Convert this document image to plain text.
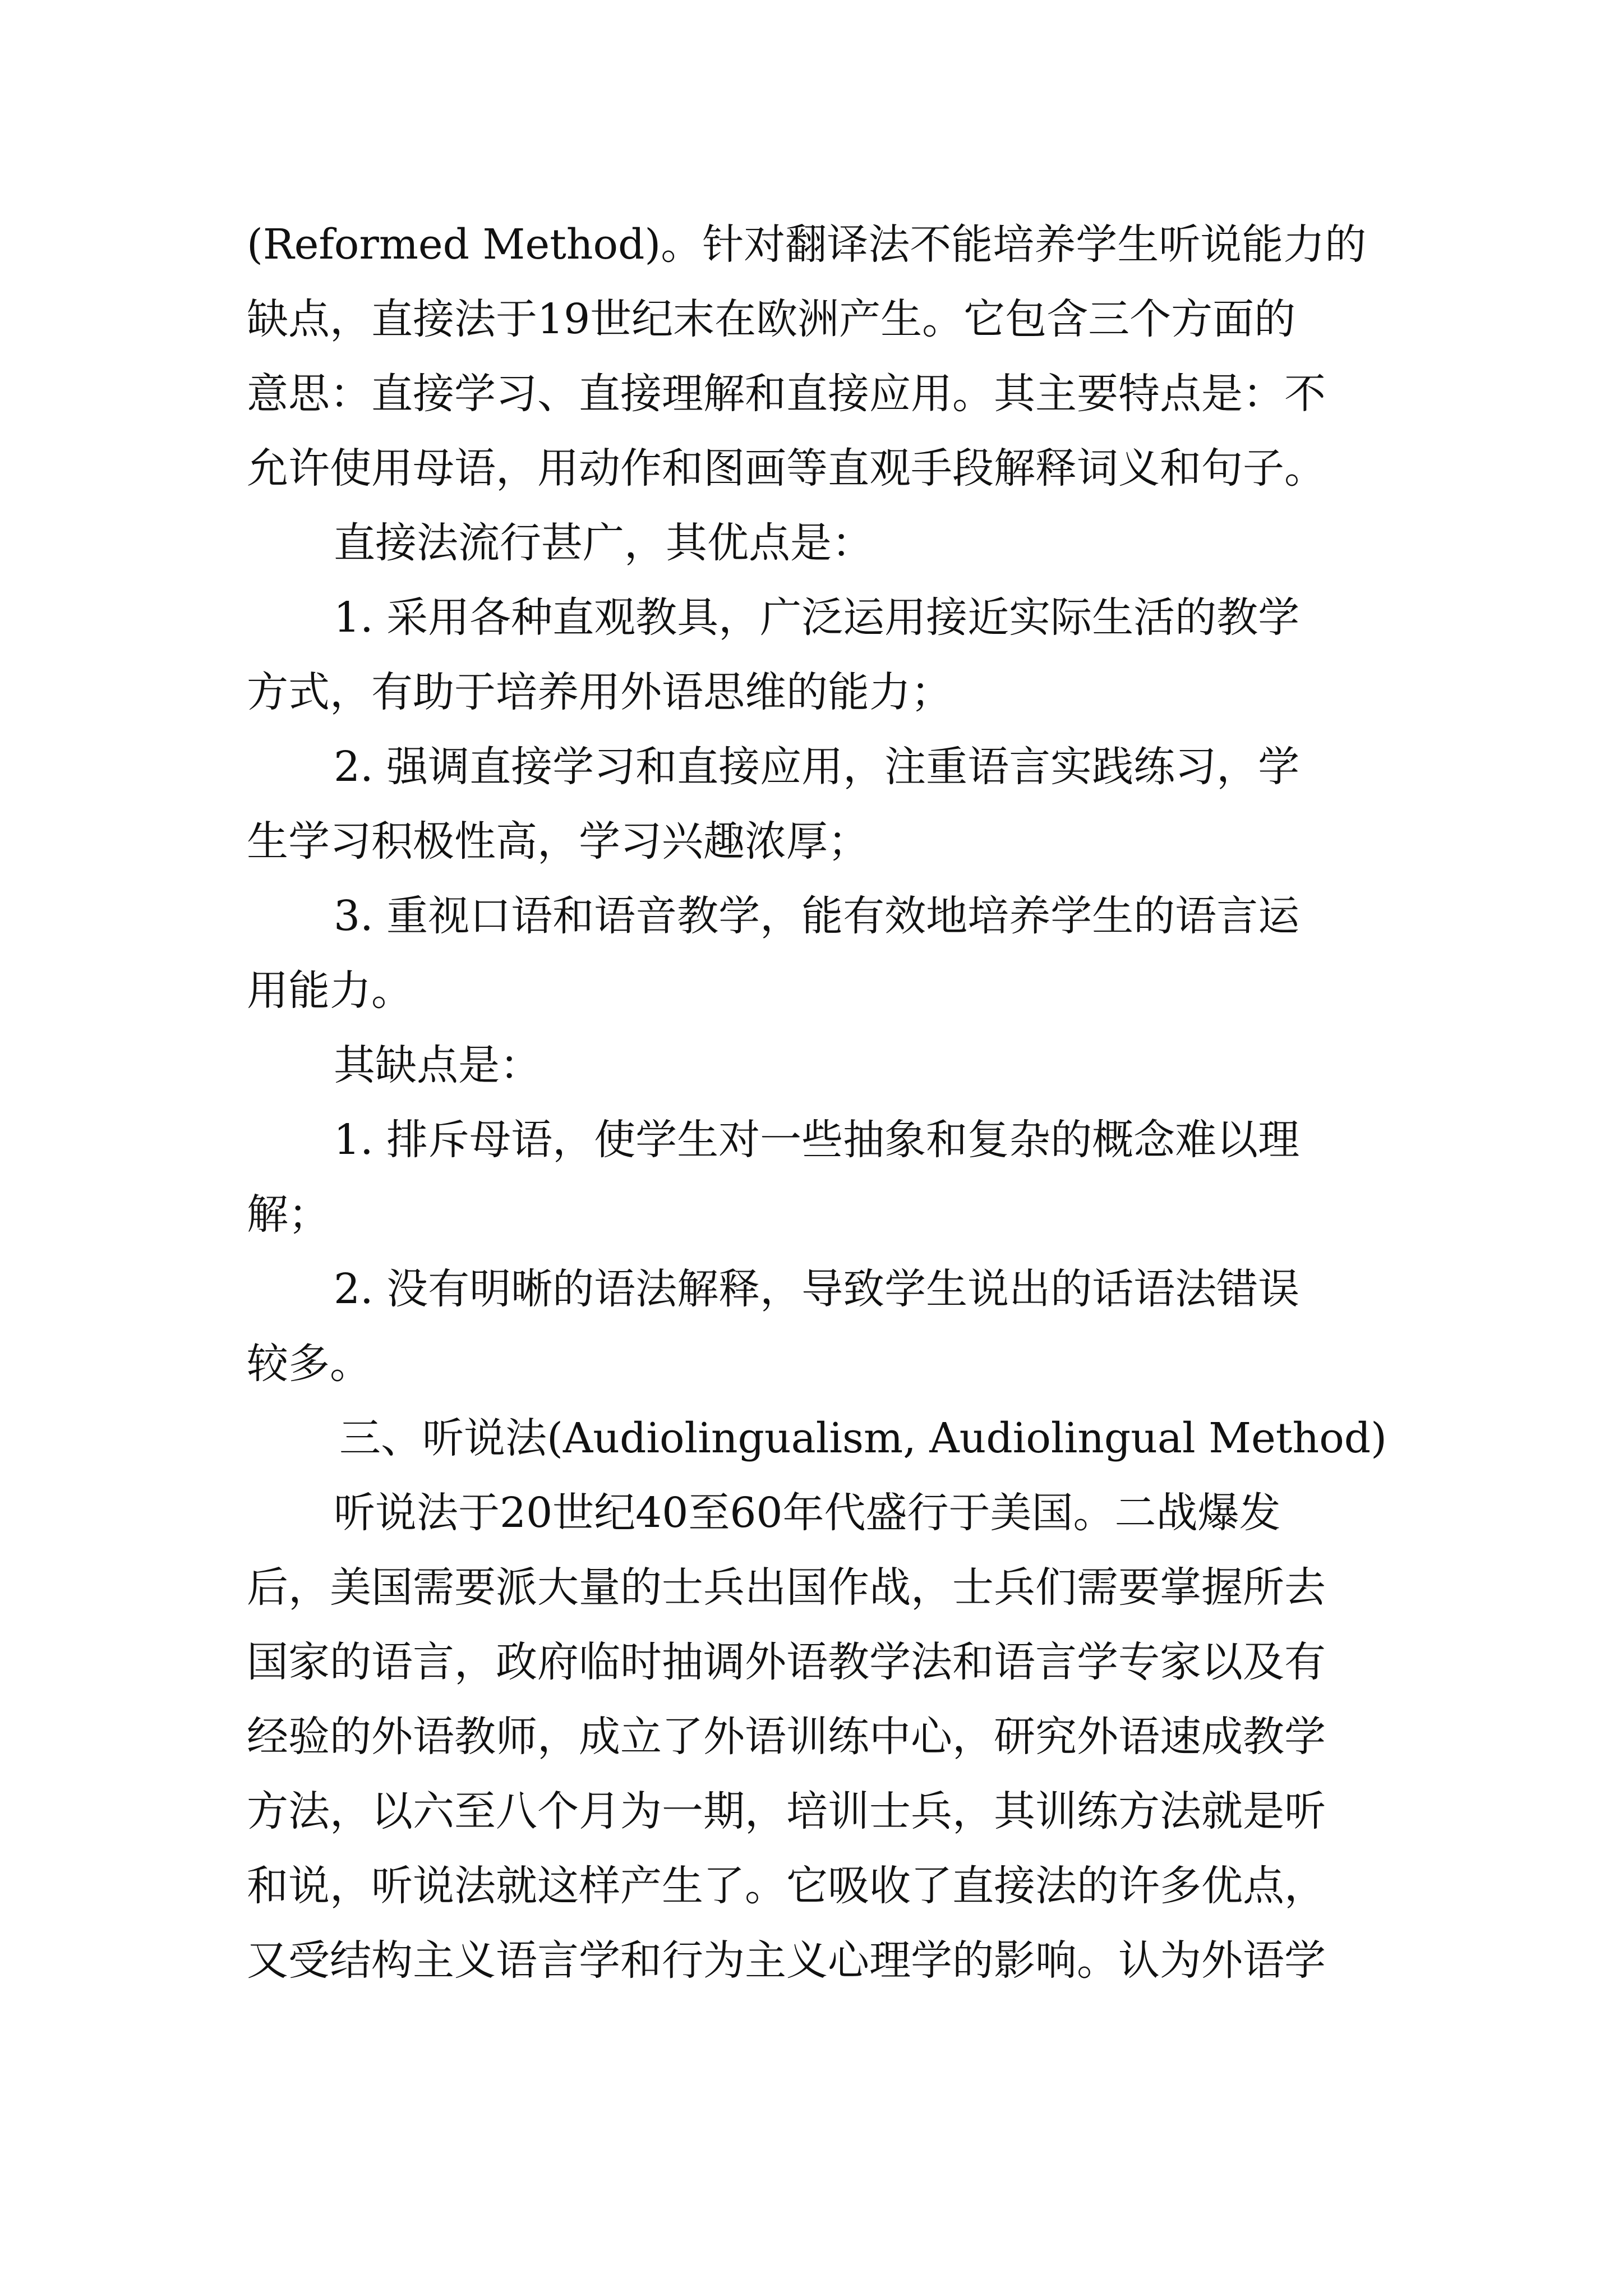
(Reformed Method)。针对翻译法不能培养学生听说能力的
缺点，直接法于19世纪末在欧洲产生。它包含三个方面的
意思：直接学习、直接理解和直接应用。其主要特点是：不
允许使用母语，用动作和图画等直观手段解释词义和句子。
直接法流行甚广，其优点是：
1. 采用各种直观教具，广泛运用接近实际生活的教学
方式，有助于培养用外语思维的能力；
2. 强调直接学习和直接应用，注重语言实践练习，学
生学习积极性高，学习兴趣浓厚；
3. 重视口语和语音教学，能有效地培养学生的语言运
用能力。
其缺点是：
1. 排斥母语，使学生对一些抽象和复杂的概念难以理
解；
2. 没有明晰的语法解释，导致学生说出的话语法错误
较多。
三、听说法(Audiolingualism, Audiolingual Method)
听说法于20世纪40至60年代盛行于美国。二战爆发
后，美国需要派大量的士兵出国作战，士兵们需要掌握所去
国家的语言，政府临时抽调外语教学法和语言学专家以及有
经验的外语教师，成立了外语训练中心，研究外语速成教学
方法，以六至八个月为一期，培训士兵，其训练方法就是听
和说，听说法就这样产生了。它吸收了直接法的许多优点，
又受结构主义语言学和行为主义心理学的影响。认为外语学
